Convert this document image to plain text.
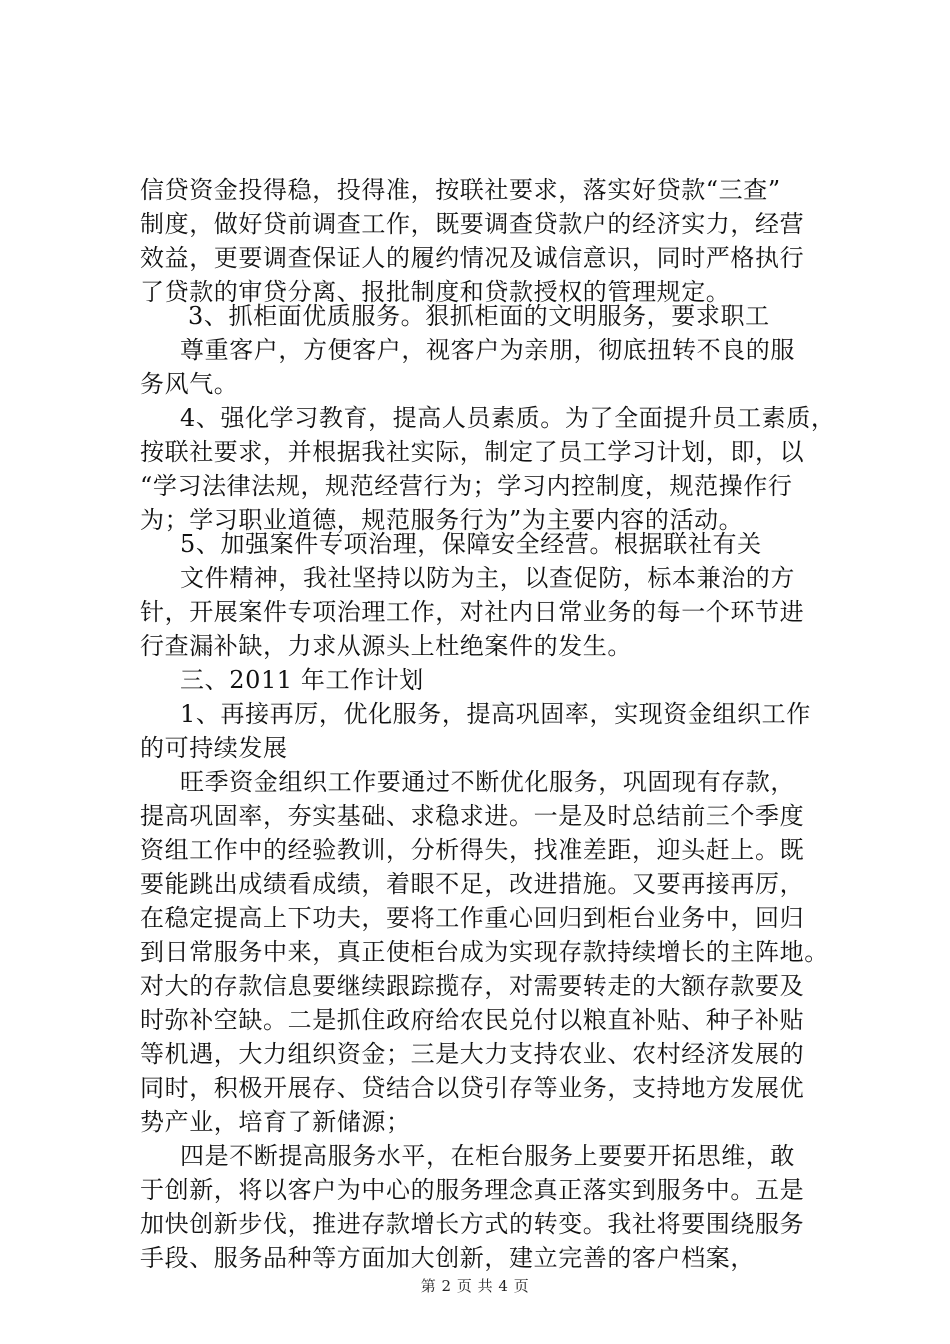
信贷资金投得稳，投得准，按联社要求，落实好贷款“三查”
制度，做好贷前调查工作，既要调查贷款户的经济实力，经营
效益，更要调查保证人的履约情况及诚信意识，同时严格执行
了贷款的审贷分离、报批制度和贷款授权的管理规定。
3、抓柜面优质服务。狠抓柜面的文明服务，要求职工
尊重客户，方便客户，视客户为亲朋，彻底扭转不良的服
务风气。
4、强化学习教育，提高人员素质。为了全面提升员工素质，
按联社要求，并根据我社实际，制定了员工学习计划，即，以
“学习法律法规，规范经营行为；学习内控制度，规范操作行
为；学习职业道德，规范服务行为”为主要内容的活动。
5、加强案件专项治理，保障安全经营。根据联社有关
文件精神，我社坚持以防为主，以查促防，标本兼治的方
针，开展案件专项治理工作，对社内日常业务的每一个环节进
行查漏补缺，力求从源头上杜绝案件的发生。
三、2011 年工作计划
1、再接再厉，优化服务，提高巩固率，实现资金组织工作
的可持续发展
旺季资金组织工作要通过不断优化服务，巩固现有存款，
提高巩固率，夯实基础、求稳求进。一是及时总结前三个季度
资组工作中的经验教训，分析得失，找准差距，迎头赶上。既
要能跳出成绩看成绩，着眼不足，改进措施。又要再接再厉，
在稳定提高上下功夫，要将工作重心回归到柜台业务中，回归
到日常服务中来，真正使柜台成为实现存款持续增长的主阵地。
对大的存款信息要继续跟踪揽存，对需要转走的大额存款要及
时弥补空缺。二是抓住政府给农民兑付以粮直补贴、种子补贴
等机遇，大力组织资金；三是大力支持农业、农村经济发展的
同时，积极开展存、贷结合以贷引存等业务，支持地方发展优
势产业，培育了新储源；
四是不断提高服务水平，在柜台服务上要要开拓思维，敢
于创新，将以客户为中心的服务理念真正落实到服务中。五是
加快创新步伐，推进存款增长方式的转变。我社将要围绕服务
手段、服务品种等方面加大创新，建立完善的客户档案，
第 2 页 共 4 页
